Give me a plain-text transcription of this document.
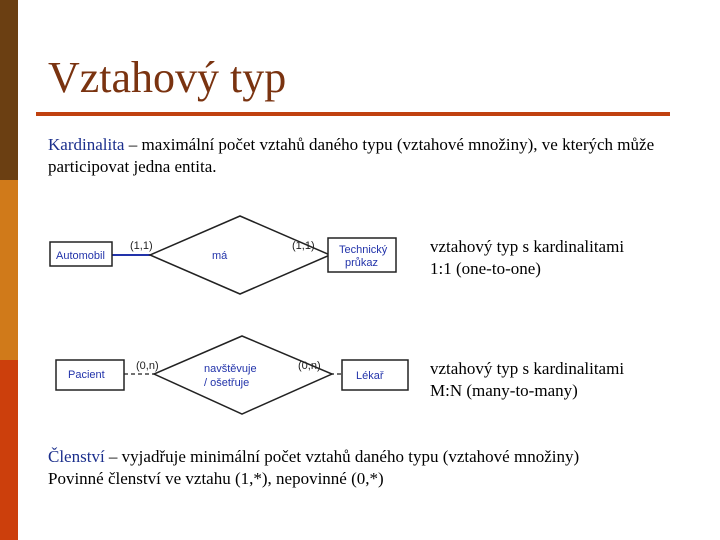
Vztahový typ

Kardinalita – maximální počet vztahů daného typu (vztahové množiny), ve kterých může participovat jedna entita.

Automobil
(1,1)
má
(1,1) Technický
průkaz

vztahový typ s kardinalitami
1:1 (one-to-one)

Pacient
(0,n)	navštěvuje
/ ošetřuje
(0,n)
Lékař	vztahový typ s kardinalitami
M:N (many-to-many)

Členství – vyjadřuje minimální počet vztahů daného typu (vztahové množiny)
Povinné členství ve vztahu (1,*), nepovinné (0,*)
